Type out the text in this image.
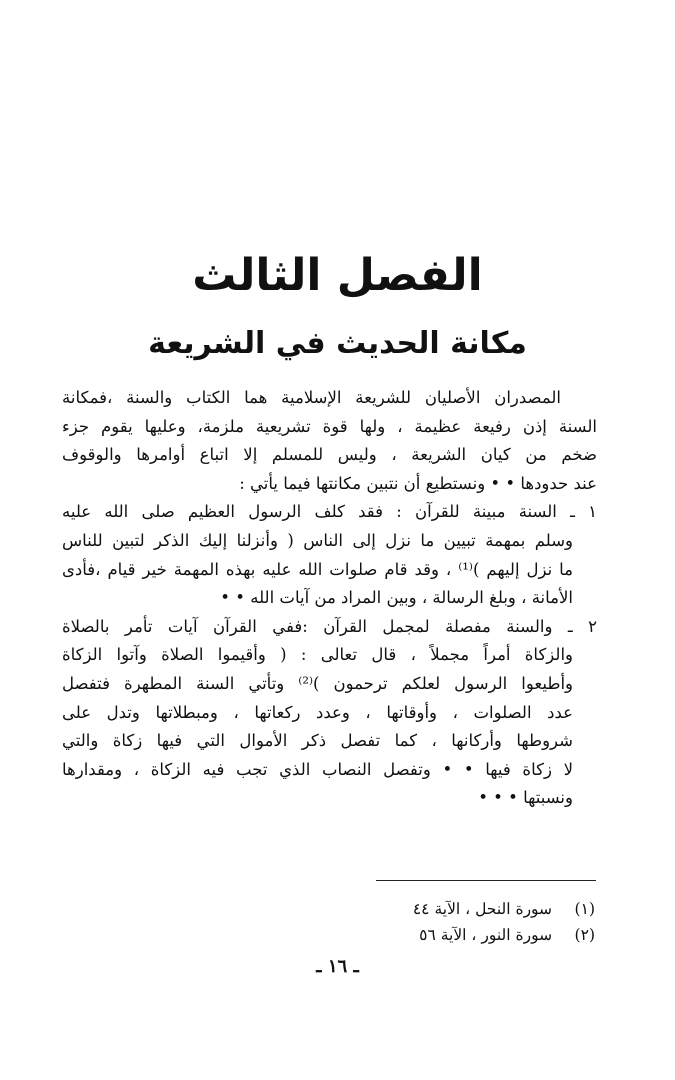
الفصل الثالث
مكانة الحديث في الشريعة
المصدران الأصليان للشريعة الإسلامية هما الكتاب والسنة ،فمكانة
السنة إذن رفيعة عظيمة ، ولها قوة تشريعية ملزمة، وعليها يقوم جزء
ضخم من كيان الشريعة ، وليس للمسلم إلا اتباع أوامرها والوقوف
عند حدودها • • ونستطيع أن نتبين مكانتها فيما يأتي :
١ ـ السنة مبينة للقرآن : فقد كلف الرسول العظيم صلى الله عليه
وسلم بمهمة تبيين ما نزل إلى الناس ( وأنزلنا إليك الذكر لتبين للناس
ما نزل إليهم )⁽¹⁾ ، وقد قام صلوات الله عليه بهذه المهمة خير قيام ،فأدى
الأمانة ، وبلغ الرسالة ، وبين المراد من آيات الله • •
٢ ـ والسنة مفصلة لمجمل القرآن :ففي القرآن آيات تأمر بالصلاة
والزكاة أمراً مجملاً ، قال تعالى : ( وأقيموا الصلاة وآتوا الزكاة
وأطيعوا الرسول لعلكم ترحمون )⁽²⁾ وتأتي السنة المطهرة فتفصل
عدد الصلوات ، وأوقاتها ، وعدد ركعاتها ، ومبطلاتها وتدل على
شروطها وأركانها ، كما تفصل ذكر الأموال التي فيها زكاة والتي
لا زكاة فيها • • وتفصل النصاب الذي تجب فيه الزكاة ، ومقدارها
ونسبتها • • •
(١) سورة النحل ، الآية ٤٤
(٢) سورة النور ، الآية ٥٦
ـ ١٦ ـ
